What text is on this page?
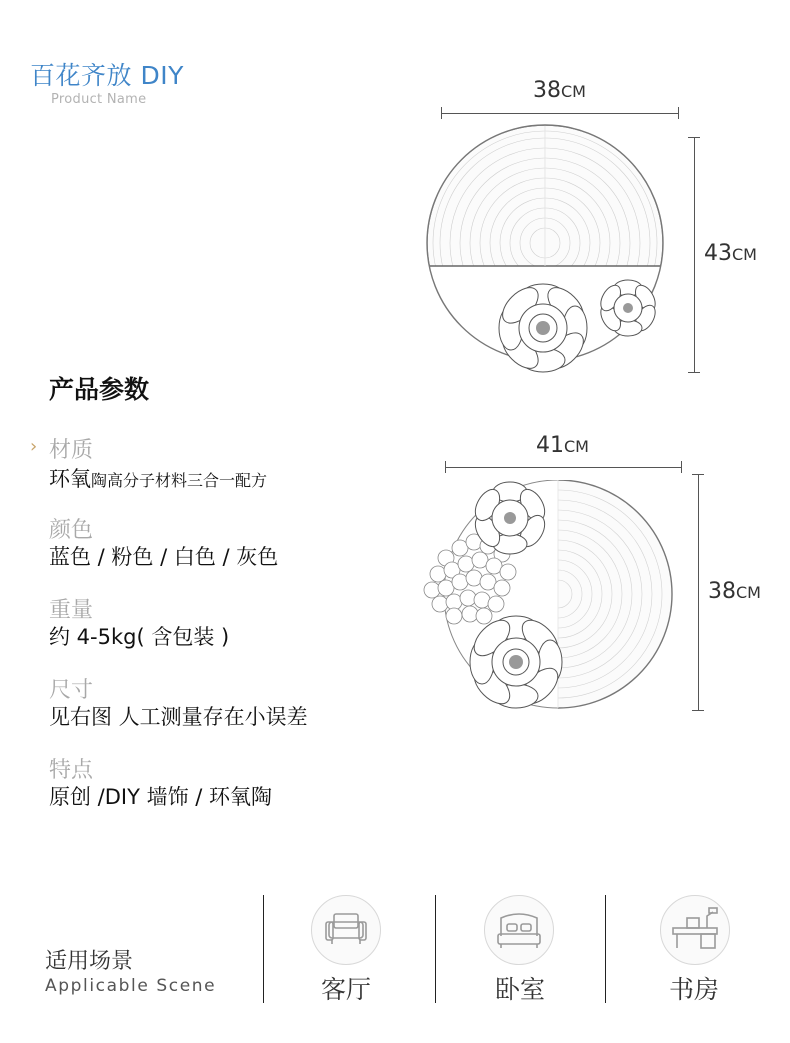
百花齐放 DIY
Product Name	38CM
43CM
产品参数
› 材质
环氧陶高分子材料三合一配方
颜色
蓝色 / 粉色 / 白色 / 灰色
重量
约 4-5kg( 含包装 )
尺寸
见右图 人工测量存在小误差
特点
原创 /DIY 墙饰 / 环氧陶
41CM
38CM
适用场景
Applicable Scene	客厅	卧室	书房
